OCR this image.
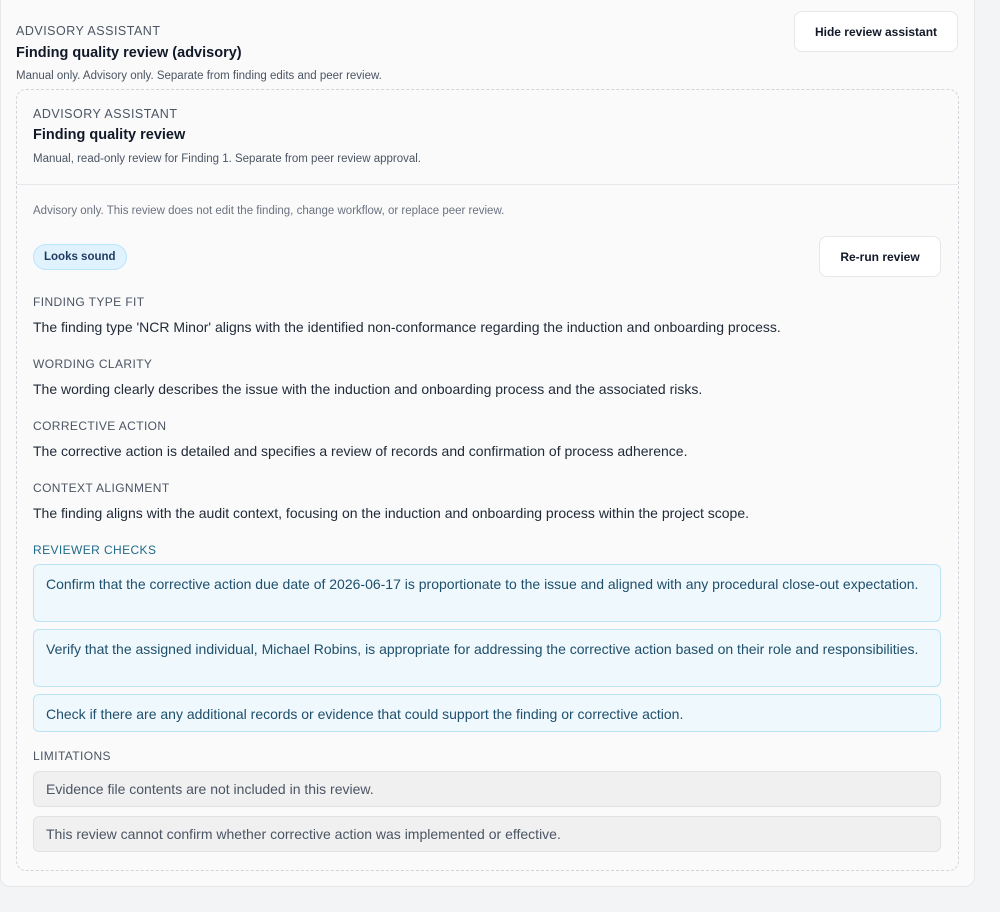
ADVISORY ASSISTANT
Finding quality review (advisory)
Manual only. Advisory only. Separate from finding edits and peer review.
Hide review assistant
ADVISORY ASSISTANT
Finding quality review
Manual, read-only review for Finding 1. Separate from peer review approval.
Advisory only. This review does not edit the finding, change workflow, or replace peer review.
Looks sound	Re-run review
FINDING TYPE FIT
The finding type 'NCR Minor' aligns with the identified non-conformance regarding the induction and onboarding process.
WORDING CLARITY
The wording clearly describes the issue with the induction and onboarding process and the associated risks.
CORRECTIVE ACTION
The corrective action is detailed and specifies a review of records and confirmation of process adherence.
CONTEXT ALIGNMENT
The finding aligns with the audit context, focusing on the induction and onboarding process within the project scope.
REVIEWER CHECKS
Confirm that the corrective action due date of 2026-06-17 is proportionate to the issue and aligned with any procedural close-out expectation.
Verify that the assigned individual, Michael Robins, is appropriate for addressing the corrective action based on their role and responsibilities.
Check if there are any additional records or evidence that could support the finding or corrective action.
LIMITATIONS
Evidence file contents are not included in this review.
This review cannot confirm whether corrective action was implemented or effective.
